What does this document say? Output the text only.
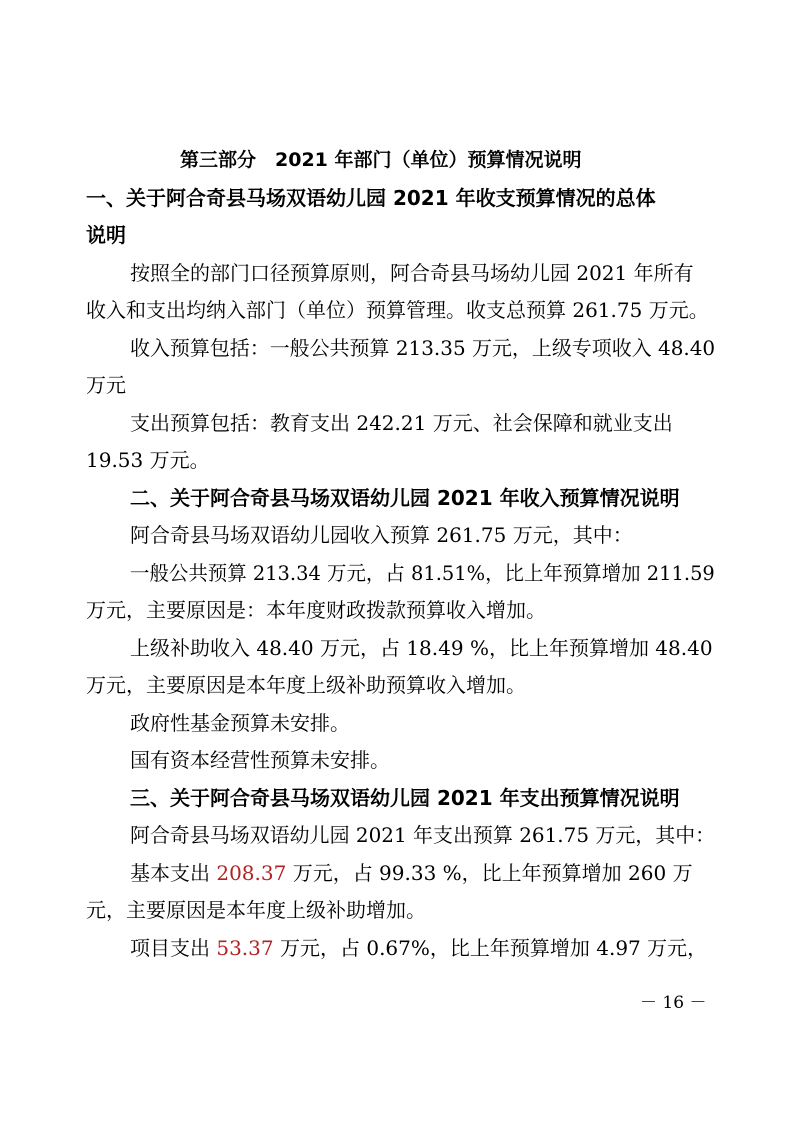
第三部分　2021 年部门（单位）预算情况说明
一、关于阿合奇县马场双语幼儿园 2021 年收支预算情况的总体
说明
按照全的部门口径预算原则，阿合奇县马场幼儿园 2021 年所有
收入和支出均纳入部门（单位）预算管理。收支总预算 261.75 万元。
收入预算包括：一般公共预算 213.35 万元，上级专项收入 48.40
万元
支出预算包括：教育支出 242.21 万元、社会保障和就业支出
19.53 万元。
二、关于阿合奇县马场双语幼儿园 2021 年收入预算情况说明
阿合奇县马场双语幼儿园收入预算 261.75 万元，其中：
一般公共预算 213.34 万元，占 81.51%，比上年预算增加 211.59
万元，主要原因是：本年度财政拨款预算收入增加。
上级补助收入 48.40 万元，占 18.49 %，比上年预算增加 48.40
万元，主要原因是本年度上级补助预算收入增加。
政府性基金预算未安排。
国有资本经营性预算未安排。
三、关于阿合奇县马场双语幼儿园 2021 年支出预算情况说明
阿合奇县马场双语幼儿园 2021 年支出预算 261.75 万元，其中：
基本支出 208.37 万元，占 99.33 %，比上年预算增加 260 万
元，主要原因是本年度上级补助增加。
项目支出 53.37 万元，占 0.67%，比上年预算增加 4.97 万元，
－ 16 －
